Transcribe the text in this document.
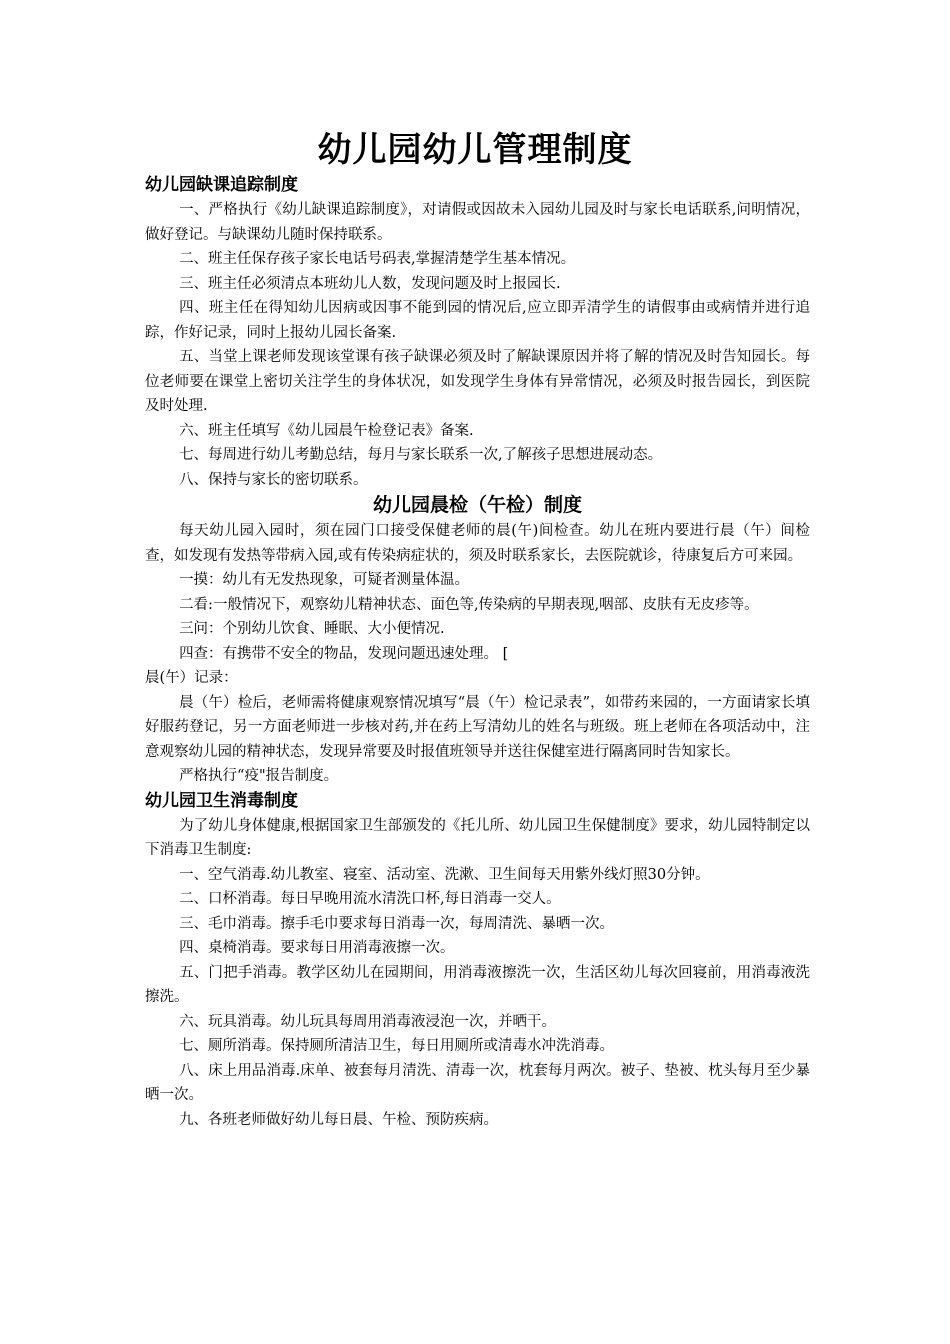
幼儿园幼儿管理制度

幼儿园缺课追踪制度

一、严格执行《幼儿缺课追踪制度》，对请假或因故未入园幼儿园及时与家长电话联系,问明情况，做好登记。与缺课幼儿随时保持联系。

二、班主任保存孩子家长电话号码表,掌握清楚学生基本情况。

三、班主任必须清点本班幼儿人数，发现问题及时上报园长.

四、班主任在得知幼儿因病或因事不能到园的情况后,应立即弄清学生的请假事由或病情并进行追踪，作好记录，同时上报幼儿园长备案.

五、当堂上课老师发现该堂课有孩子缺课必须及时了解缺课原因并将了解的情况及时告知园长。每位老师要在课堂上密切关注学生的身体状况，如发现学生身体有异常情况，必须及时报告园长，到医院及时处理.

六、班主任填写《幼儿园晨午检登记表》备案.

七、每周进行幼儿考勤总结，每月与家长联系一次,了解孩子思想进展动态。

八、保持与家长的密切联系。

幼儿园晨检（午检）制度

每天幼儿园入园时，须在园门口接受保健老师的晨(午)间检查。幼儿在班内要进行晨（午）间检查，如发现有发热等带病入园,或有传染病症状的，须及时联系家长，去医院就诊，待康复后方可来园。

一摸：幼儿有无发热现象，可疑者测量体温。

二看:一般情况下，观察幼儿精神状态、面色等,传染病的早期表现,咽部、皮肤有无皮疹等。

三问：个别幼儿饮食、睡眠、大小便情况.

四查：有携带不安全的物品，发现问题迅速处理。 [

晨(午）记录：

晨（午）检后，老师需将健康观察情况填写“晨（午）检记录表”，如带药来园的，一方面请家长填好服药登记，另一方面老师进一步核对药,并在药上写清幼儿的姓名与班级。班上老师在各项活动中，注意观察幼儿园的精神状态，发现异常要及时报值班领导并送往保健室进行隔离同时告知家长。

严格执行“疫"报告制度。

幼儿园卫生消毒制度

为了幼儿身体健康,根据国家卫生部颁发的《托儿所、幼儿园卫生保健制度》要求，幼儿园特制定以下消毒卫生制度:

一、空气消毒.幼儿教室、寝室、活动室、洗漱、卫生间每天用紫外线灯照30分钟。

二、口杯消毒。每日早晚用流水清洗口杯,每日消毒一交人。

三、毛巾消毒。擦手毛巾要求每日消毒一次，每周清洗、暴晒一次。

四、桌椅消毒。要求每日用消毒液擦一次。

五、门把手消毒。教学区幼儿在园期间，用消毒液擦洗一次，生活区幼儿每次回寝前，用消毒液洗擦洗。

六、玩具消毒。幼儿玩具每周用消毒液浸泡一次，并晒干。

七、厕所消毒。保持厕所清洁卫生，每日用厕所或清毒水冲洗消毒。

八、床上用品消毒.床单、被套每月清洗、清毒一次，枕套每月两次。被子、垫被、枕头每月至少暴晒一次。

九、各班老师做好幼儿每日晨、午检、预防疾病。
